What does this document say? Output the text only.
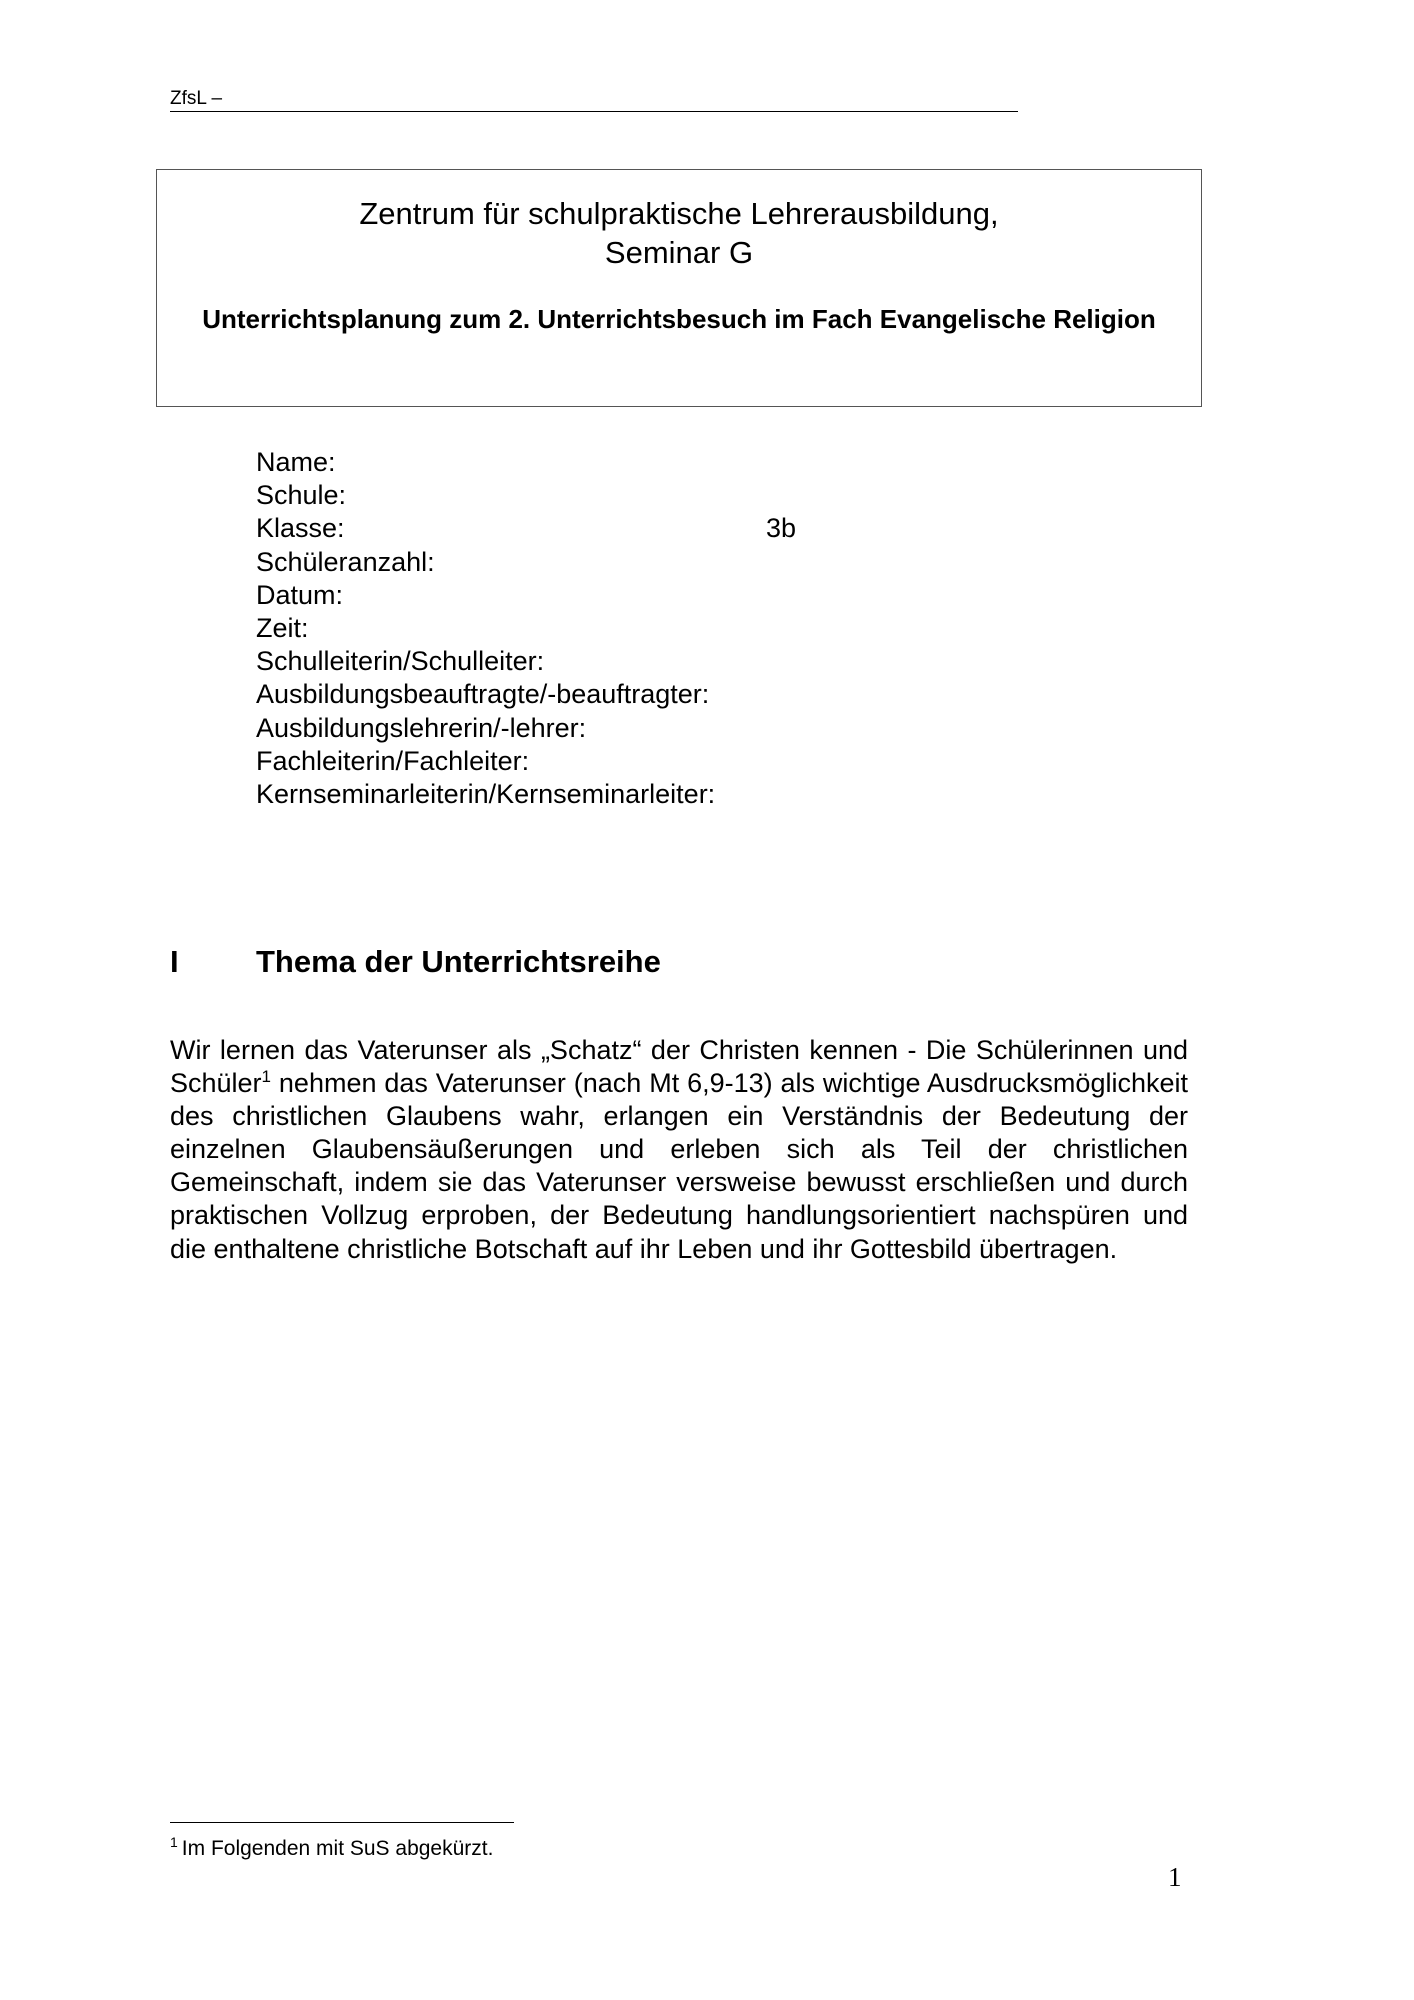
ZfsL –
Zentrum für schulpraktische Lehrerausbildung,
Seminar G
Unterrichtsplanung zum 2. Unterrichtsbesuch im Fach Evangelische Religion
Name:
Schule:
Klasse:	3b
Schüleranzahl:
Datum:
Zeit:
Schulleiterin/Schulleiter:
Ausbildungsbeauftragte/-beauftragter:
Ausbildungslehrerin/-lehrer:
Fachleiterin/Fachleiter:
Kernseminarleiterin/Kernseminarleiter:
I Thema der Unterrichtsreihe
Wir lernen das Vaterunser als „Schatz“ der Christen kennen - Die Schülerinnen und Schüler$^1$ nehmen das Vaterunser (nach Mt 6,9-13) als wichtige Ausdrucksmöglichkeit des christlichen Glaubens wahr, erlangen ein Verständnis der Bedeutung der einzelnen Glaubensäußerungen und erleben sich als Teil der christlichen Gemeinschaft, indem sie das Vaterunser versweise bewusst erschließen und durch praktischen Vollzug erproben, der Bedeutung handlungsorientiert nachspüren und die enthaltene christliche Botschaft auf ihr Leben und ihr Gottesbild übertragen.
$^1$ Im Folgenden mit SuS abgekürzt.
1
